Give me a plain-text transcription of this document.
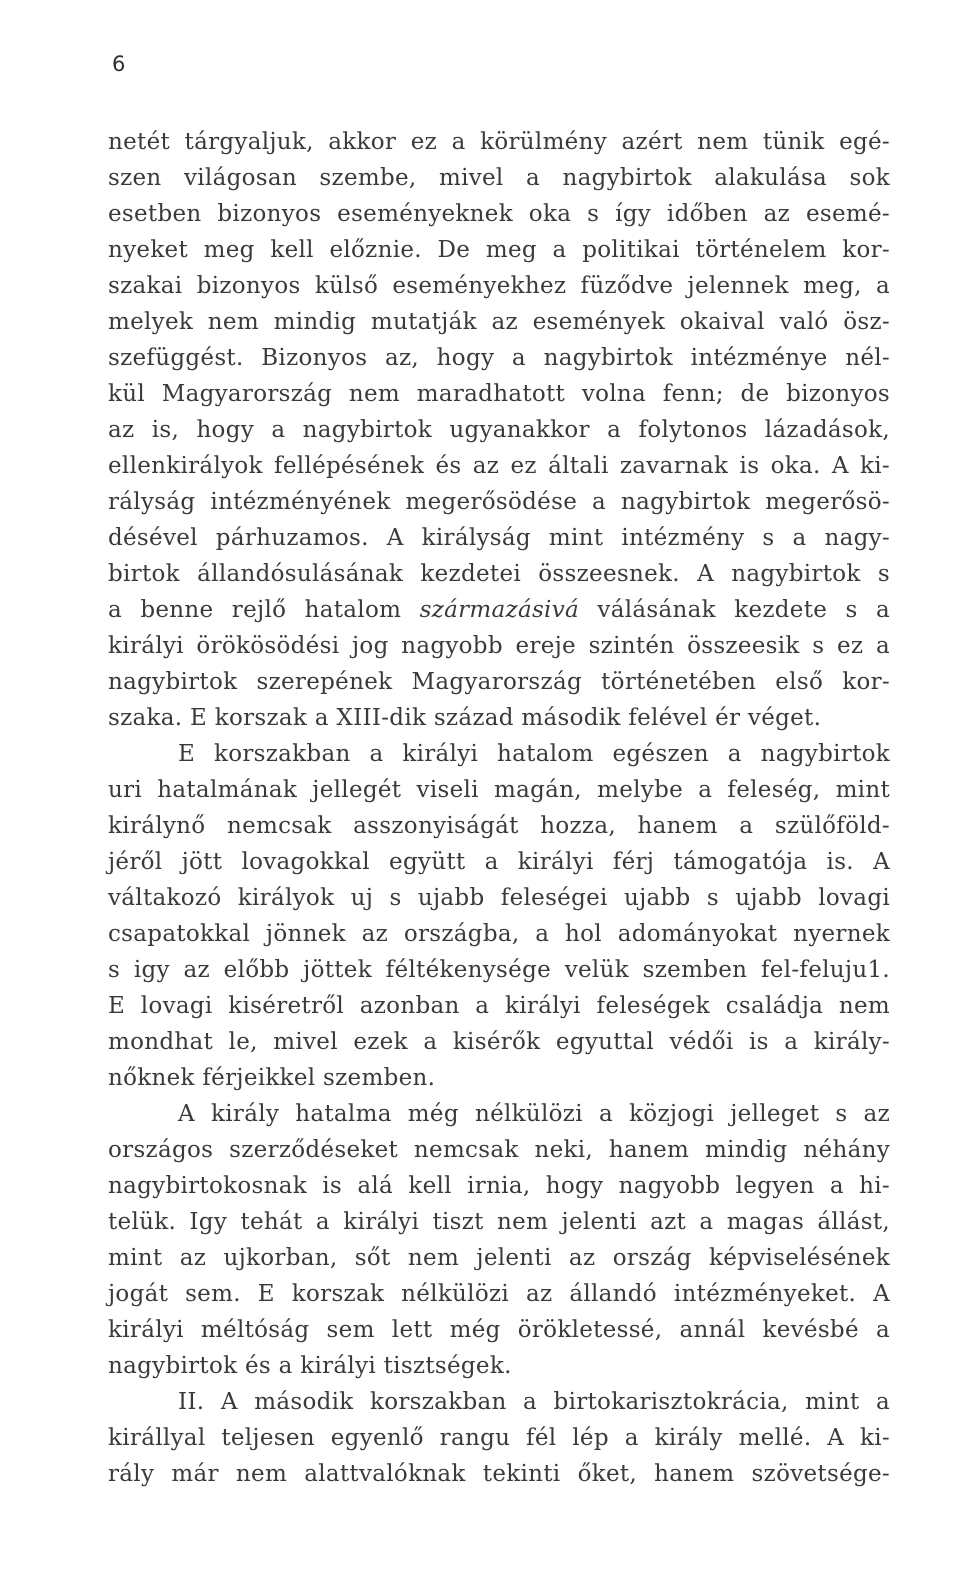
6
netét tárgyaljuk, akkor ez a körülmény azért nem tünik egé-
szen világosan szembe, mivel a nagybirtok alakulása sok
esetben bizonyos eseményeknek oka s így időben az esemé-
nyeket meg kell előznie. De meg a politikai történelem kor-
szakai bizonyos külső eseményekhez füződve jelennek meg, a
melyek nem mindig mutatják az események okaival való ösz-
szefüggést. Bizonyos az, hogy a nagybirtok intézménye nél-
kül Magyarország nem maradhatott volna fenn; de bizonyos
az is, hogy a nagybirtok ugyanakkor a folytonos lázadások,
ellenkirályok fellépésének és az ez általi zavarnak is oka. A ki-
rályság intézményének megerősödése a nagybirtok megerősö-
désével párhuzamos. A királyság mint intézmény s a nagy-
birtok állandósulásának kezdetei összeesnek. A nagybirtok s
a benne rejlő hatalom származásivá válásának kezdete s a
királyi örökösödési jog nagyobb ereje szintén összeesik s ez a
nagybirtok szerepének Magyarország történetében első kor-
szaka. E korszak a XIII-dik század második felével ér véget.
E korszakban a királyi hatalom egészen a nagybirtok
uri hatalmának jellegét viseli magán, melybe a feleség, mint
királynő nemcsak asszonyiságát hozza, hanem a szülőföld-
jéről jött lovagokkal együtt a királyi férj támogatója is. A
váltakozó királyok uj s ujabb feleségei ujabb s ujabb lovagi
csapatokkal jönnek az országba, a hol adományokat nyernek
s igy az előbb jöttek féltékenysége velük szemben fel-feluju1.
E lovagi kiséretről azonban a királyi feleségek családja nem
mondhat le, mivel ezek a kisérők egyuttal védői is a király-
nőknek férjeikkel szemben.
A király hatalma még nélkülözi a közjogi jelleget s az
országos szerződéseket nemcsak neki, hanem mindig néhány
nagybirtokosnak is alá kell irnia, hogy nagyobb legyen a hi-
telük. Igy tehát a királyi tiszt nem jelenti azt a magas állást,
mint az ujkorban, sőt nem jelenti az ország képviselésének
jogát sem. E korszak nélkülözi az állandó intézményeket. A
királyi méltóság sem lett még örökletessé, annál kevésbé a
nagybirtok és a királyi tisztségek.
II. A második korszakban a birtokarisztokrácia, mint a
királlyal teljesen egyenlő rangu fél lép a király mellé. A ki-
rály már nem alattvalóknak tekinti őket, hanem szövetsége-
